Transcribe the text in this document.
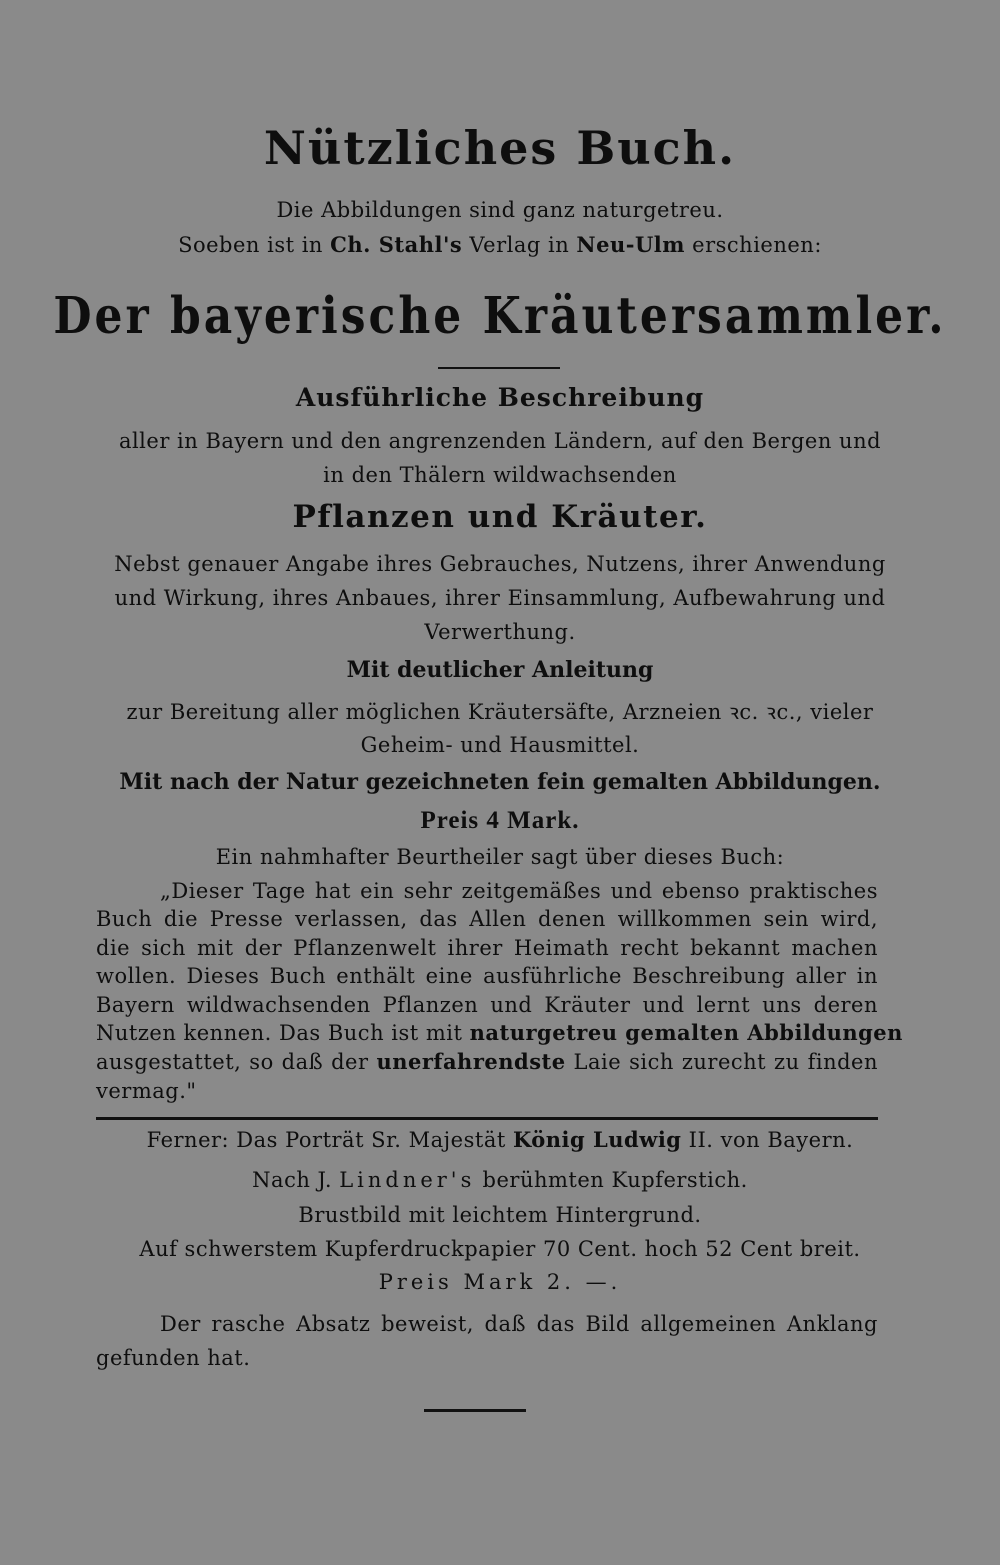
Nützliches Buch.
Die Abbildungen sind ganz naturgetreu.
Soeben ist in Ch. Stahl's Verlag in Neu-Ulm erschienen:
Der bayerische Kräutersammler.
Ausführliche Beschreibung
aller in Bayern und den angrenzenden Ländern, auf den Bergen und
in den Thälern wildwachsenden
Pflanzen und Kräuter.
Nebst genauer Angabe ihres Gebrauches, Nutzens, ihrer Anwendung
und Wirkung, ihres Anbaues, ihrer Einsammlung, Aufbewahrung und
Verwerthung.
Mit deutlicher Anleitung
zur Bereitung aller möglichen Kräutersäfte, Arzneien ꝛc. ꝛc., vieler
Geheim- und Hausmittel.
Mit nach der Natur gezeichneten fein gemalten Abbildungen.
Preis 4 Mark.
Ein nahmhafter Beurtheiler sagt über dieses Buch:
„Dieser Tage hat ein sehr zeitgemäßes und ebenso praktisches
Buch die Presse verlassen, das Allen denen willkommen sein wird,
die sich mit der Pflanzenwelt ihrer Heimath recht bekannt machen
wollen. Dieses Buch enthält eine ausführliche Beschreibung aller in
Bayern wildwachsenden Pflanzen und Kräuter und lernt uns deren
Nutzen kennen. Das Buch ist mit naturgetreu gemalten Abbildungen
ausgestattet, so daß der unerfahrendste Laie sich zurecht zu finden
vermag."
Ferner: Das Porträt Sr. Majestät König Ludwig II. von Bayern.
Nach J. Lindner's berühmten Kupferstich.
Brustbild mit leichtem Hintergrund.
Auf schwerstem Kupferdruckpapier 70 Cent. hoch 52 Cent breit.
Preis Mark 2. —.
Der rasche Absatz beweist, daß das Bild allgemeinen Anklang
gefunden hat.
